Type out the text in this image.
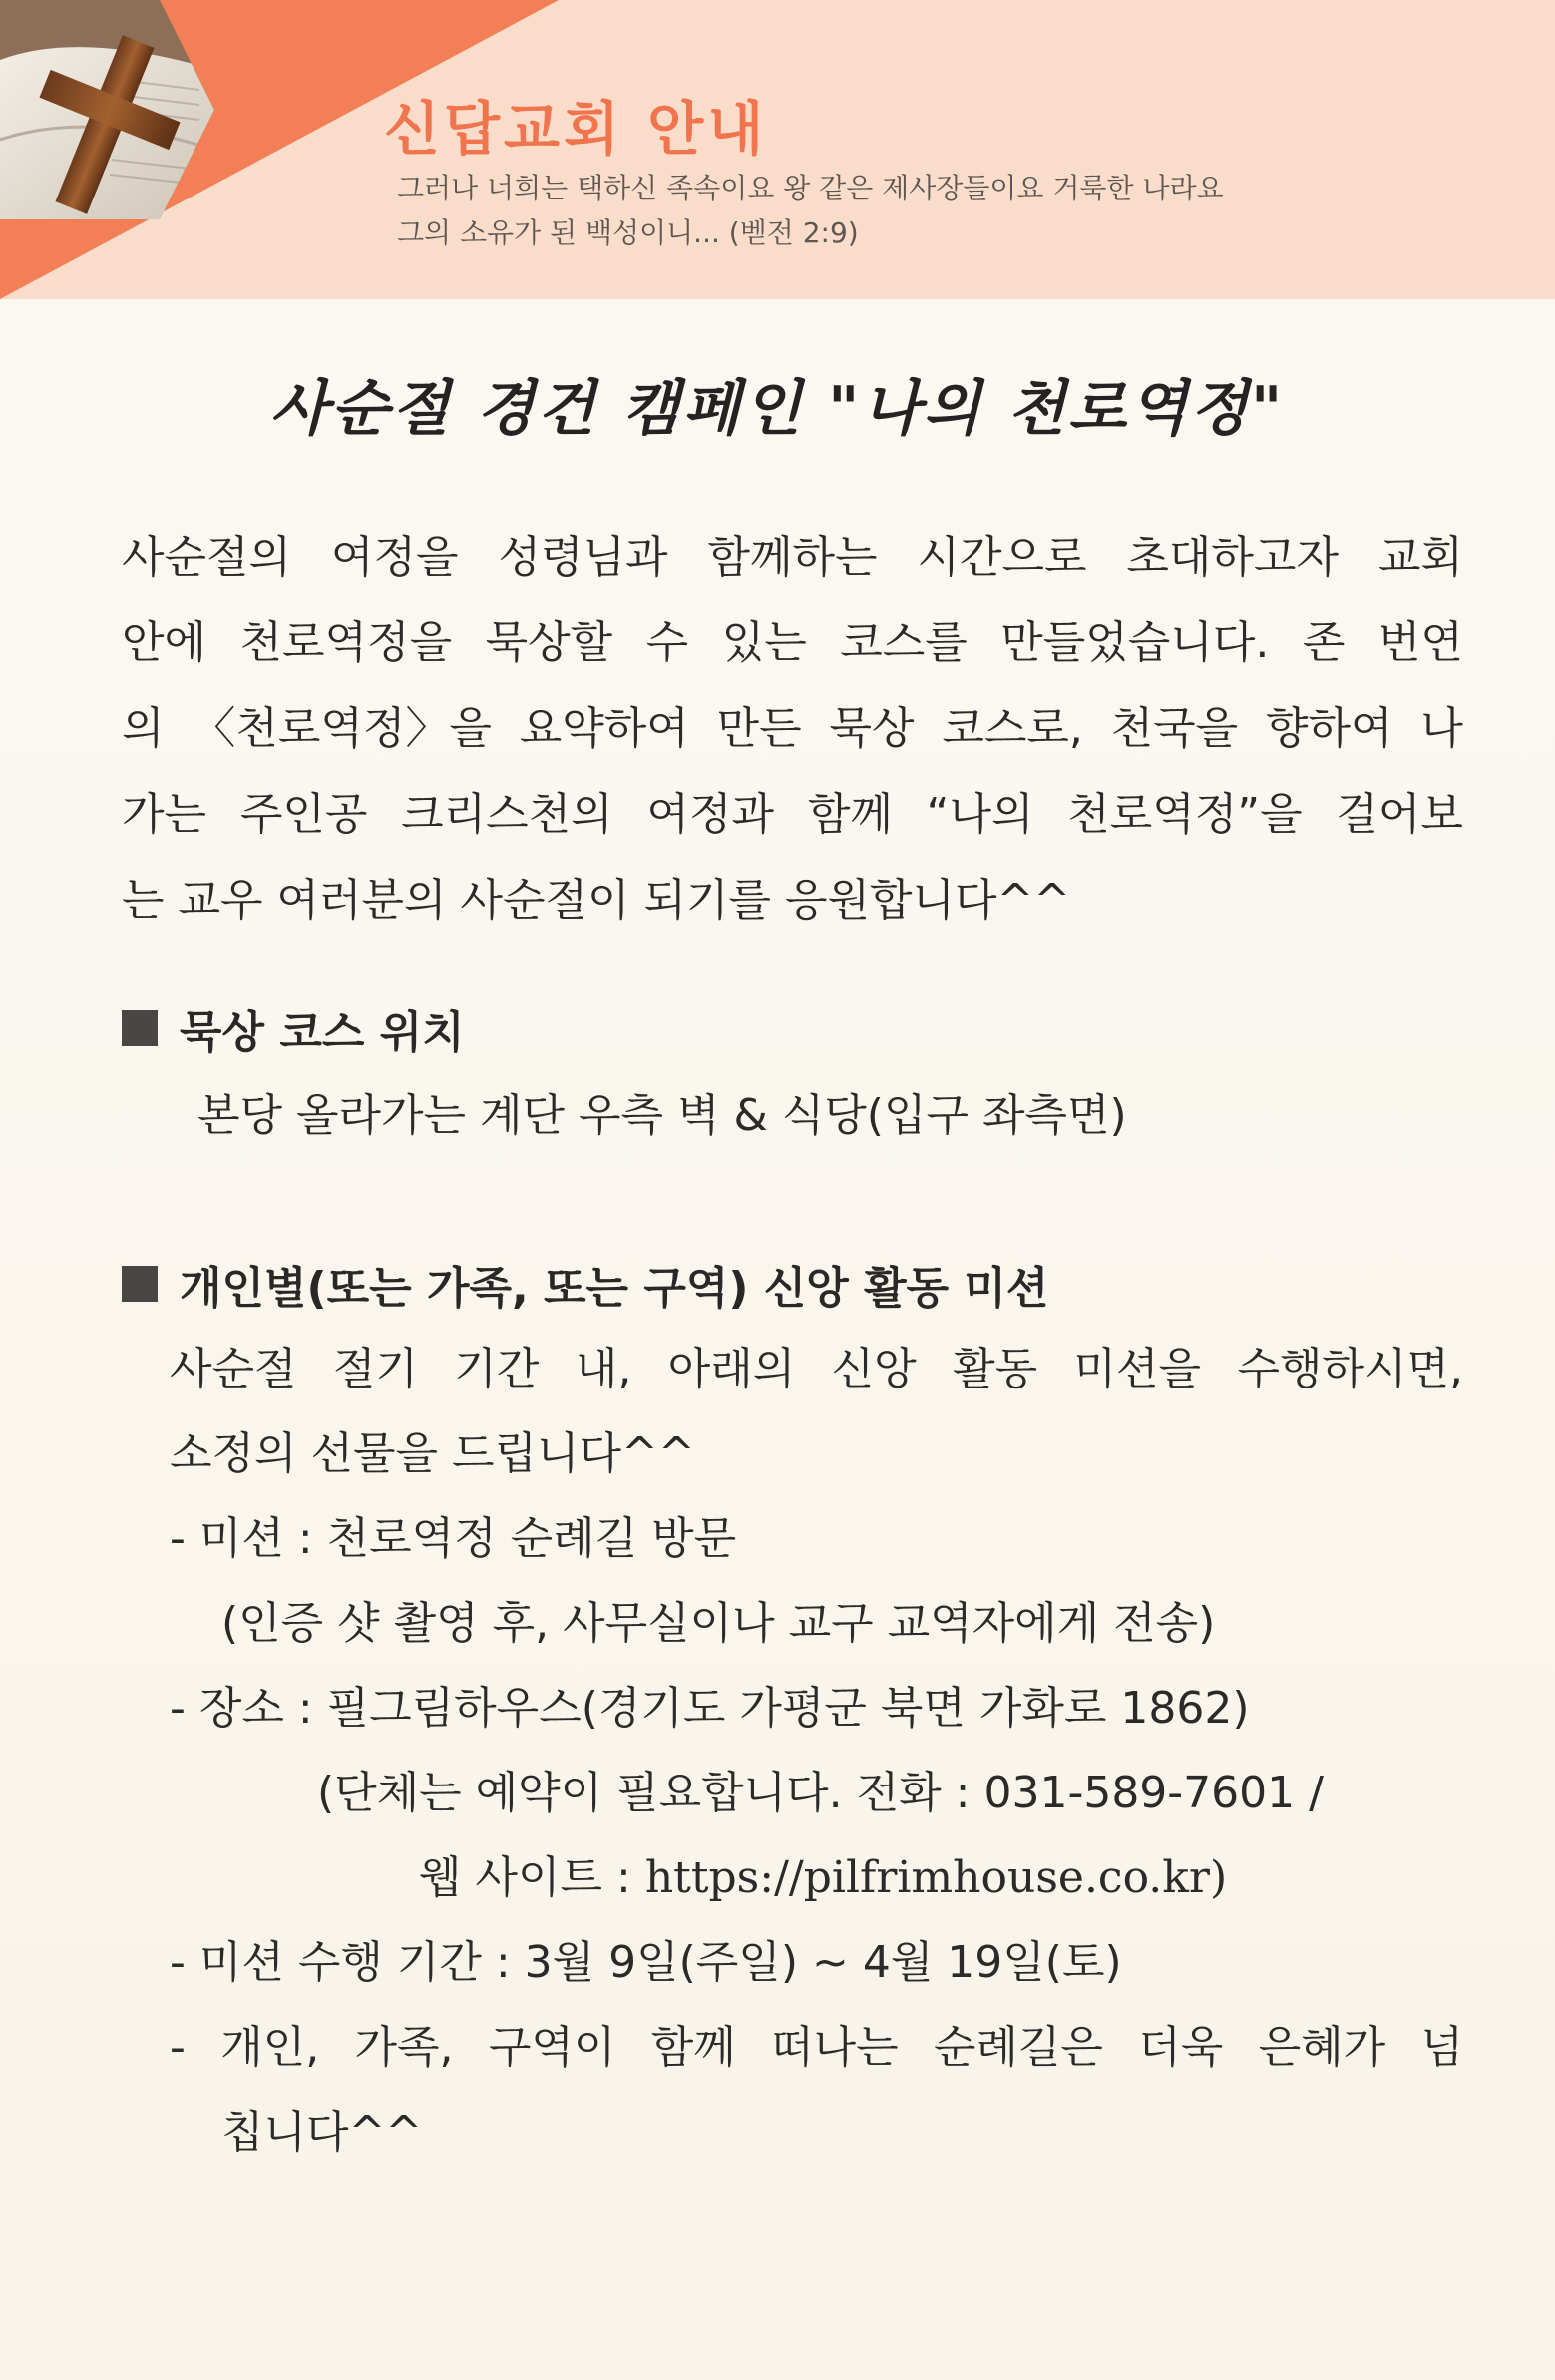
신답교회 안내
그러나 너희는 택하신 족속이요 왕 같은 제사장들이요 거룩한 나라요
그의 소유가 된 백성이니... (벧전 2:9)
사순절 경건 캠페인 "나의 천로역정"
사순절의 여정을 성령님과 함께하는 시간으로 초대하고자 교회
안에 천로역정을 묵상할 수 있는 코스를 만들었습니다. 존 번연
의 〈천로역정〉을 요약하여 만든 묵상 코스로, 천국을 향하여 나
가는 주인공 크리스천의 여정과 함께 “나의 천로역정”을 걸어보
는 교우 여러분의 사순절이 되기를 응원합니다^^
묵상 코스 위치
본당 올라가는 계단 우측 벽 & 식당(입구 좌측면)
개인별(또는 가족, 또는 구역) 신앙 활동 미션
사순절 절기 기간 내, 아래의 신앙 활동 미션을 수행하시면,
소정의 선물을 드립니다^^
- 미션 : 천로역정 순례길 방문
(인증 샷 촬영 후, 사무실이나 교구 교역자에게 전송)
- 장소 : 필그림하우스(경기도 가평군 북면 가화로 1862)
(단체는 예약이 필요합니다. 전화 : 031-589-7601 /
웹 사이트 : https://pilfrimhouse.co.kr)
- 미션 수행 기간 : 3월 9일(주일) ~ 4월 19일(토)
- 개인, 가족, 구역이 함께 떠나는 순례길은 더욱 은혜가 넘
칩니다^^
